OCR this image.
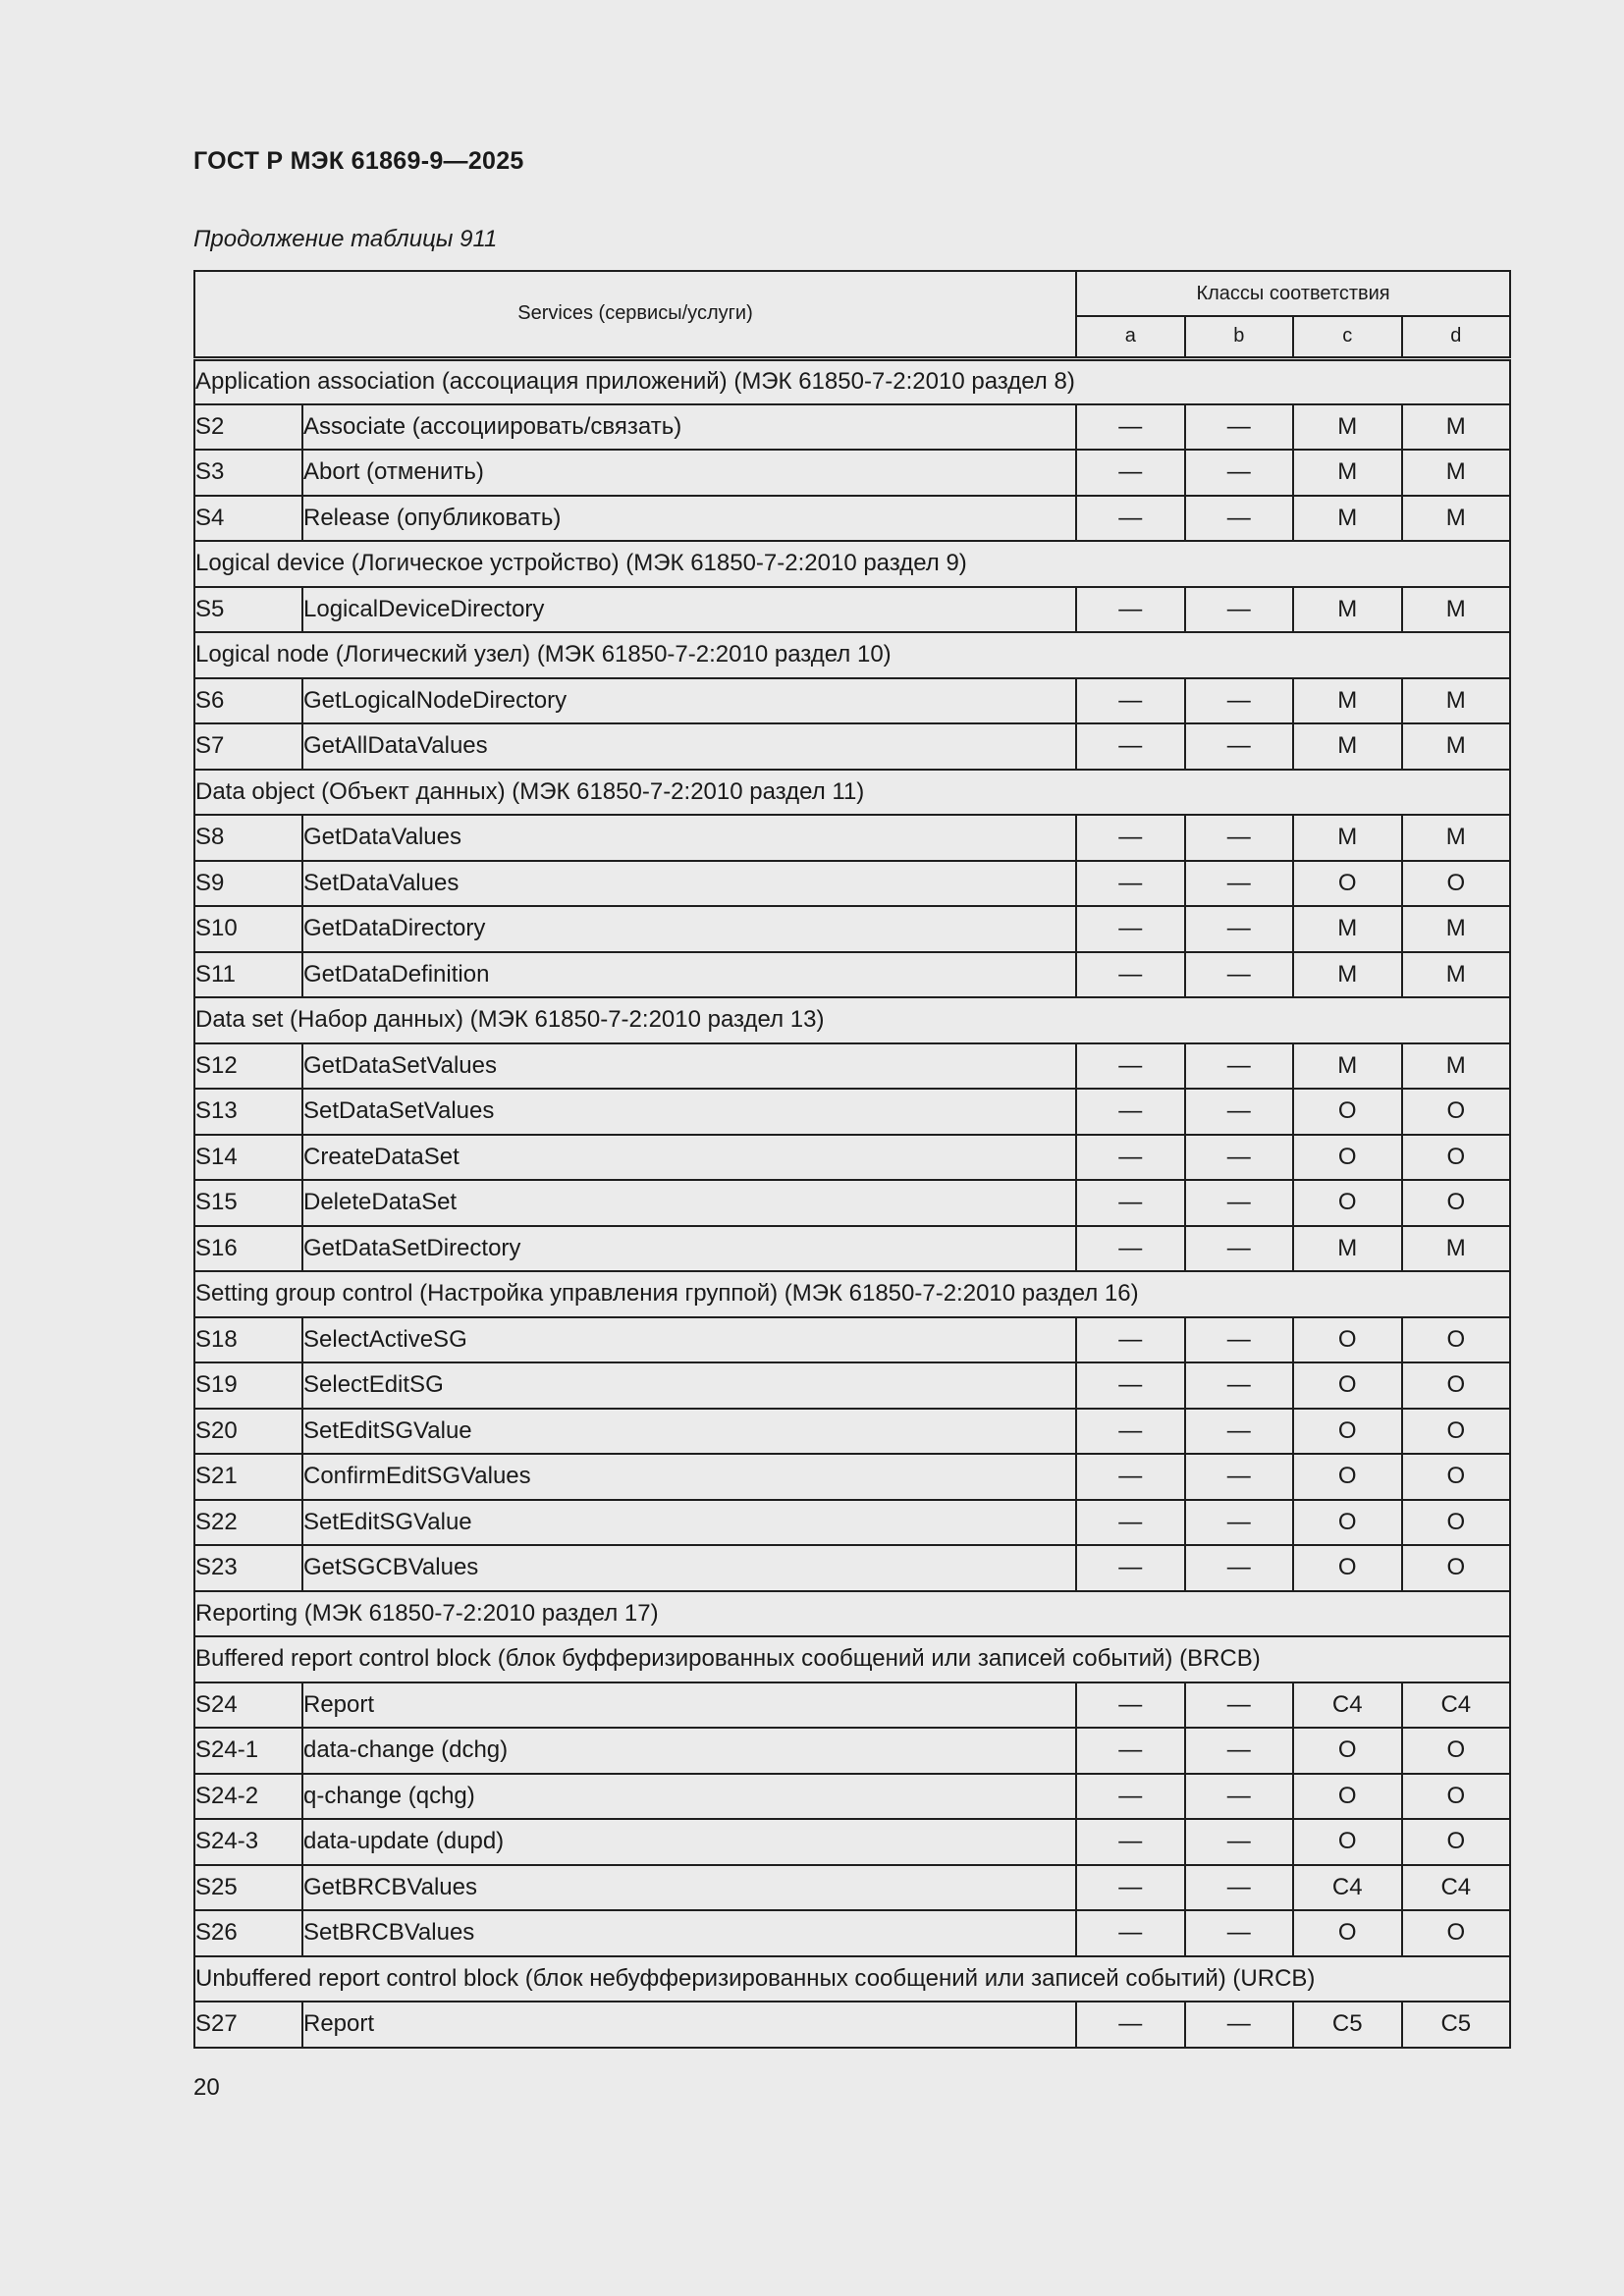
ГОСТ Р МЭК 61869-9—2025
Продолжение таблицы 911
Services (сервисы/услуги)		Классы соответствия			
		a	b	c	d
Application association (ассоциация приложений) (МЭК 61850-7-2:2010 раздел 8)					
S2	Associate (ассоциировать/связать)	—	—	M	M
S3	Abort (отменить)	—	—	M	M
S4	Release (опубликовать)	—	—	M	M
Logical device (Логическое устройство) (МЭК 61850-7-2:2010 раздел 9)					
S5	LogicalDeviceDirectory	—	—	M	M
Logical node (Логический узел) (МЭК 61850-7-2:2010 раздел 10)					
S6	GetLogicalNodeDirectory	—	—	M	M
S7	GetAllDataValues	—	—	M	M
Data object (Объект данных) (МЭК 61850-7-2:2010 раздел 11)					
S8	GetDataValues	—	—	M	M
S9	SetDataValues	—	—	O	O
S10	GetDataDirectory	—	—	M	M
S11	GetDataDefinition	—	—	M	M
Data set (Набор данных) (МЭК 61850-7-2:2010 раздел 13)					
S12	GetDataSetValues	—	—	M	M
S13	SetDataSetValues	—	—	O	O
S14	CreateDataSet	—	—	O	O
S15	DeleteDataSet	—	—	O	O
S16	GetDataSetDirectory	—	—	M	M
Setting group control (Настройка управления группой) (МЭК 61850-7-2:2010 раздел 16)					
S18	SelectActiveSG	—	—	O	O
S19	SelectEditSG	—	—	O	O
S20	SetEditSGValue	—	—	O	O
S21	ConfirmEditSGValues	—	—	O	O
S22	SetEditSGValue	—	—	O	O
S23	GetSGCBValues	—	—	O	O
Reporting (МЭК 61850-7-2:2010 раздел 17)					
Buffered report control block (блок буфферизированных сообщений или записей событий) (BRCB)					
S24	Report	—	—	C4	C4
S24-1	data-change (dchg)	—	—	O	O
S24-2	q-change (qchg)	—	—	O	O
S24-3	data-update (dupd)	—	—	O	O
S25	GetBRCBValues	—	—	C4	C4
S26	SetBRCBValues	—	—	O	O
Unbuffered report control block (блок небуфферизированных сообщений или записей событий) (URCB)					
S27	Report	—	—	C5	C5
20
